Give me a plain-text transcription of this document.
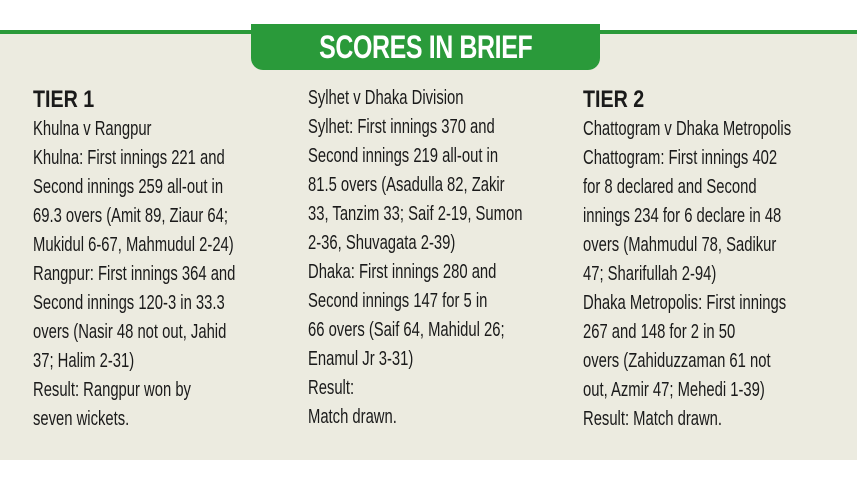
SCORES IN BRIEF
TIER 1
Khulna v Rangpur
Khulna: First innings 221 and
Second innings 259 all-out in
69.3 overs (Amit 89, Ziaur 64;
Mukidul 6-67, Mahmudul 2-24)
Rangpur: First innings 364 and
Second innings 120-3 in 33.3
overs (Nasir 48 not out, Jahid
37; Halim 2-31)
Result: Rangpur won by
seven wickets.
Sylhet v Dhaka Division
Sylhet: First innings 370 and
Second innings 219 all-out in
81.5 overs (Asadulla 82, Zakir
33, Tanzim 33; Saif 2-19, Sumon
2-36, Shuvagata 2-39)
Dhaka: First innings 280 and
Second innings 147 for 5 in
66 overs (Saif 64, Mahidul 26;
Enamul Jr 3-31)
Result:
Match drawn.
TIER 2
Chattogram v Dhaka Metropolis
Chattogram: First innings 402
for 8 declared and Second
innings 234 for 6 declare in 48
overs (Mahmudul 78, Sadikur
47; Sharifullah 2-94)
Dhaka Metropolis: First innings
267 and 148 for 2 in 50
overs (Zahiduzzaman 61 not
out, Azmir 47; Mehedi 1-39)
Result: Match drawn.
